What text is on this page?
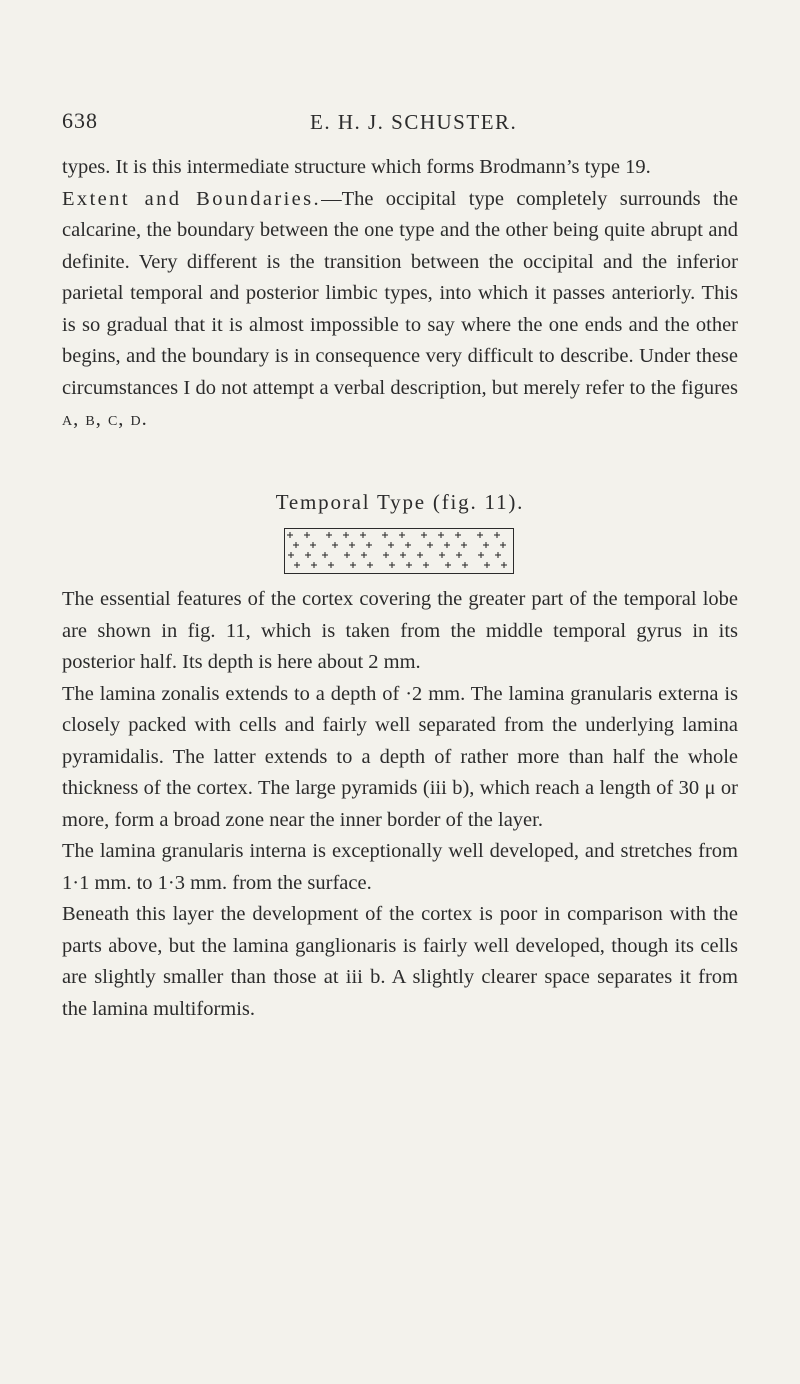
638	E. H. J. SCHUSTER.

types. It is this intermediate structure which forms Brodmann’s type 19.

Extent and Boundaries.—The occipital type completely surrounds the calcarine, the boundary between the one type and the other being quite abrupt and definite. Very different is the transition between the occipital and the inferior parietal temporal and posterior limbic types, into which it passes anteriorly. This is so gradual that it is almost impossible to say where the one ends and the other begins, and the boundary is in consequence very difficult to describe. Under these circumstances I do not attempt a verbal description, but merely refer to the figures a, b, c, d.

Temporal Type (fig. 11).

The essential features of the cortex covering the greater part of the temporal lobe are shown in fig. 11, which is taken from the middle temporal gyrus in its posterior half. Its depth is here about 2 mm.

The lamina zonalis extends to a depth of ·2 mm. The lamina granularis externa is closely packed with cells and fairly well separated from the underlying lamina pyramidalis. The latter extends to a depth of rather more than half the whole thickness of the cortex. The large pyramids (iii b), which reach a length of 30 μ or more, form a broad zone near the inner border of the layer.

The lamina granularis interna is exceptionally well developed, and stretches from 1·1 mm. to 1·3 mm. from the surface.

Beneath this layer the development of the cortex is poor in comparison with the parts above, but the lamina ganglionaris is fairly well developed, though its cells are slightly smaller than those at iii b. A slightly clearer space separates it from the lamina multiformis.
